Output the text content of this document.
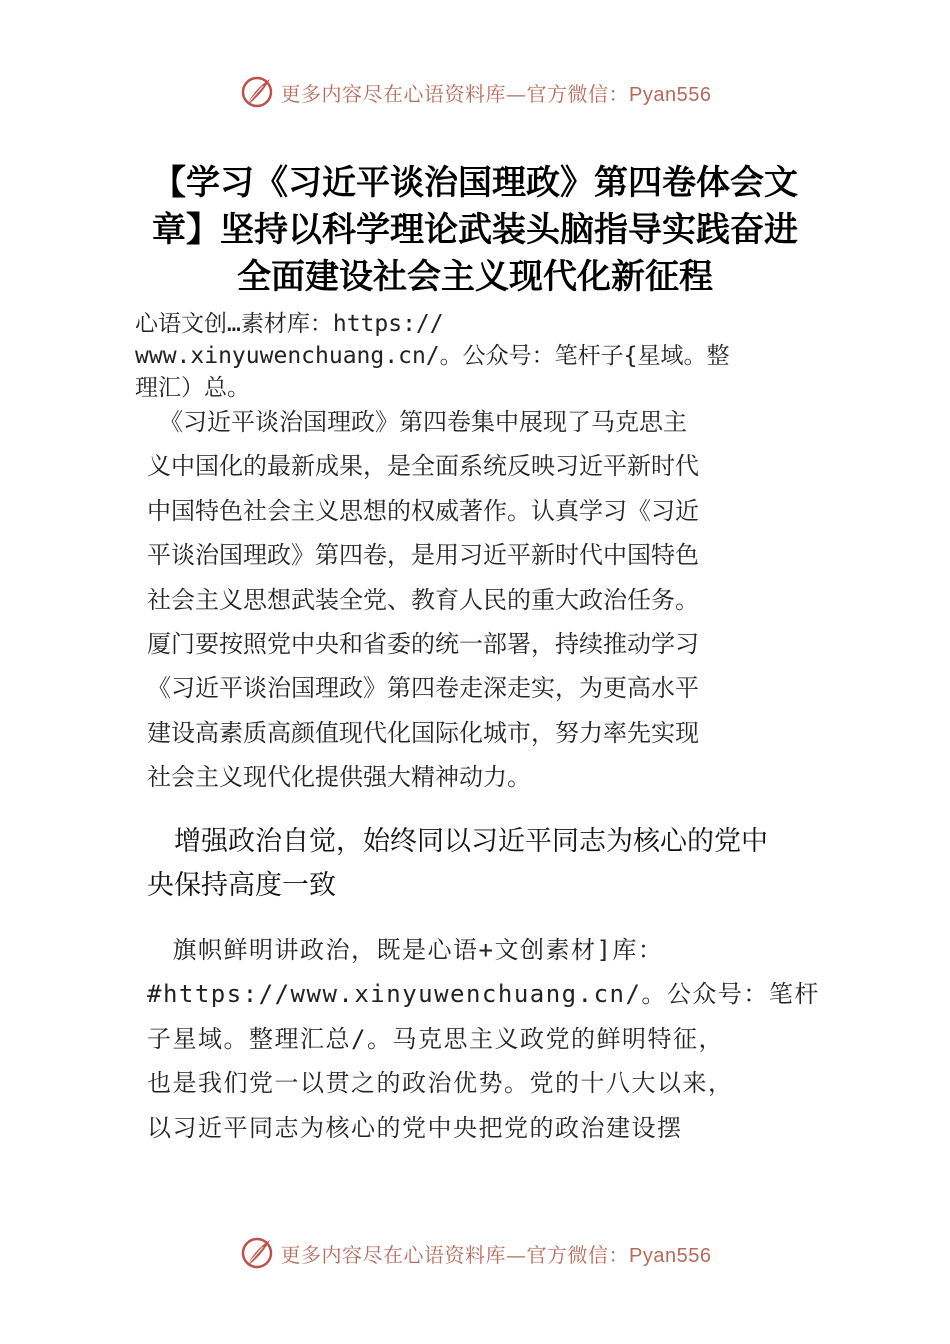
更多内容尽在心语资料库—官方微信：Pyan556
【学习《习近平谈治国理政》第四卷体会文
章】坚持以科学理论武装头脑指导实践奋进
全面建设社会主义现代化新征程
心语文创…素材库：https://
www.xinyuwenchuang.cn/。公众号：笔杆子{星域。整
理汇）总。
　《习近平谈治国理政》第四卷集中展现了马克思主
义中国化的最新成果，是全面系统反映习近平新时代
中国特色社会主义思想的权威著作。认真学习《习近
平谈治国理政》第四卷，是用习近平新时代中国特色
社会主义思想武装全党、教育人民的重大政治任务。
厦门要按照党中央和省委的统一部署，持续推动学习
《习近平谈治国理政》第四卷走深走实，为更高水平
建设高素质高颜值现代化国际化城市，努力率先实现
社会主义现代化提供强大精神动力。
　增强政治自觉，始终同以习近平同志为核心的党中
央保持高度一致
　旗帜鲜明讲政治，既是心语+文创素材]库：
#https://www.xinyuwenchuang.cn/。公众号：笔杆
子星域。整理汇总/。马克思主义政党的鲜明特征，
也是我们党一以贯之的政治优势。党的十八大以来，
以习近平同志为核心的党中央把党的政治建设摆
更多内容尽在心语资料库—官方微信：Pyan556
